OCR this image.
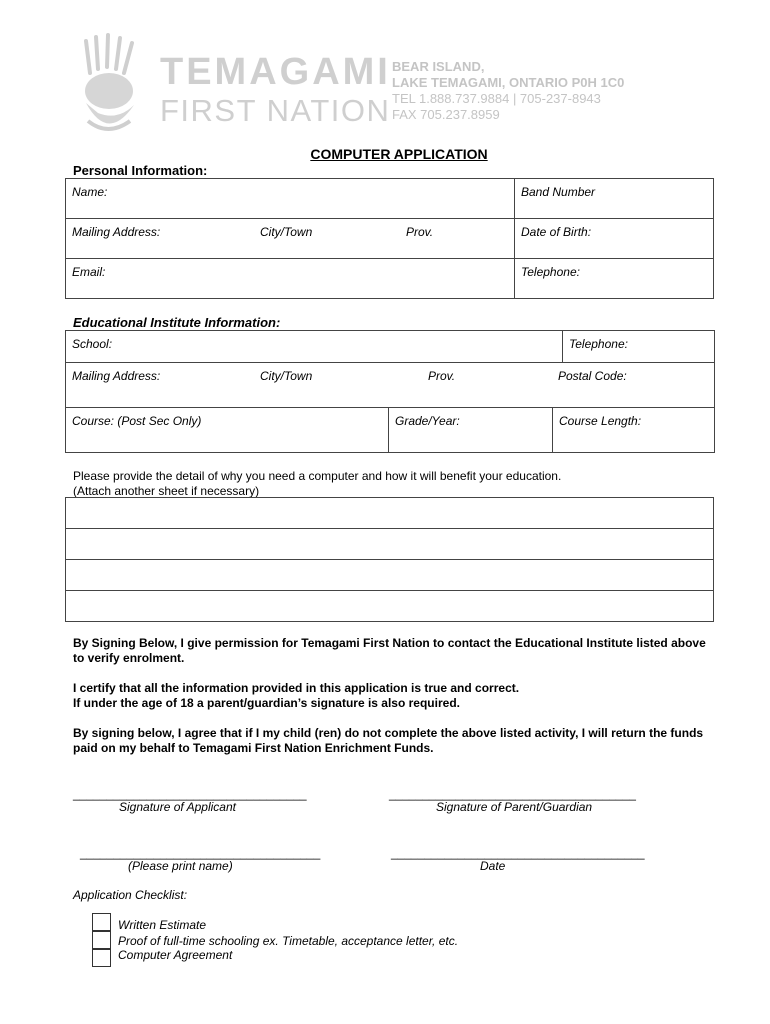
TEMAGAMI
FIRST NATION
BEAR ISLAND,
LAKE TEMAGAMI, ONTARIO P0H 1C0
TEL 1.888.737.9884 | 705-237-8943
FAX 705.237.8959
COMPUTER APPLICATION
Personal Information:
Name:	Band Number
Mailing Address: City/Town Prov.	Date of Birth:
Email:	Telephone:
Educational Institute Information:
School:			Telephone:
Mailing Address: City/Town Prov. Postal Code:			

Course: (Post Sec Only)	Grade/Year:	Course Length:	
Please provide the detail of why you need a computer and how it will benefit your education.
(Attach another sheet if necessary)
By Signing Below, I give permission for Temagami First Nation to contact the Educational Institute listed above to verify enrolment.
I certify that all the information provided in this application is true and correct.
If under the age of 18 a parent/guardian’s signature is also required.
By signing below, I agree that if I my child (ren) do not complete the above listed activity, I will return the funds paid on my behalf to Temagami First Nation Enrichment Funds.
___________________________________	_____________________________________
Signature of Applicant	Signature of Parent/Guardian
____________________________________	______________________________________
(Please print name)	Date
Application Checklist:
Written Estimate
Proof of full-time schooling ex. Timetable, acceptance letter, etc.
Computer Agreement
